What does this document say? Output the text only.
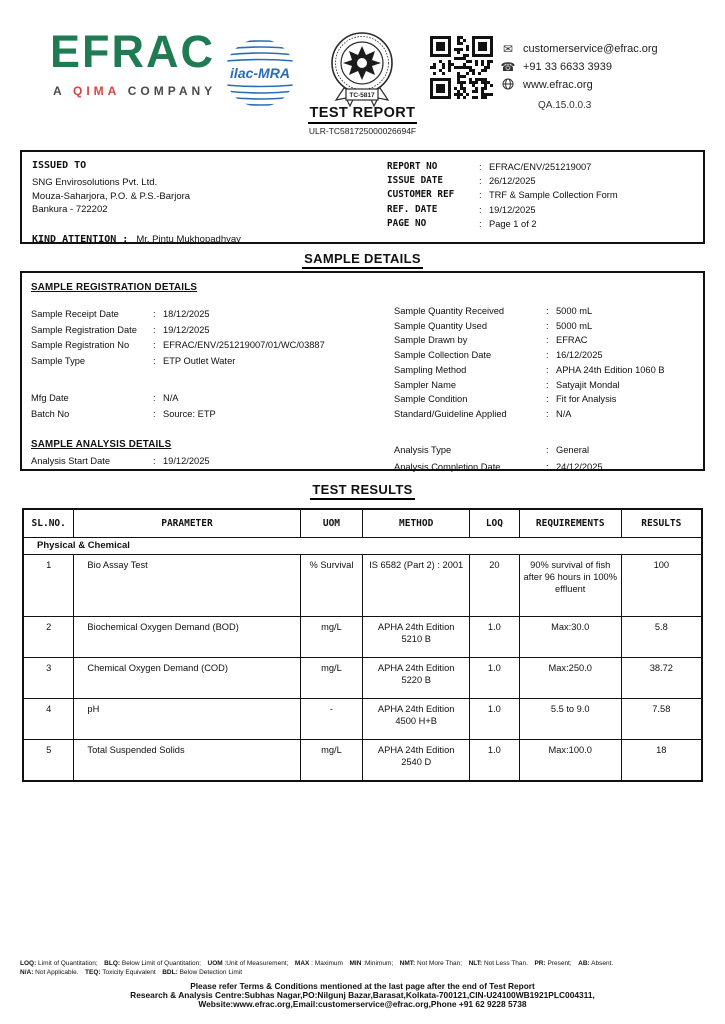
EFRAC
A QIMA COMPANY
ilac-MRA
TC-5817
✉ customerservice@efrac.org
☎ +91 33 6633 3939
www.efrac.org
QA.15.0.0.3
TEST REPORT
ULR-TC581725000026694F
ISSUED TO
SNG Envirosolutions Pvt. Ltd.
Mouza-Saharjora, P.O. & P.S.-Barjora
Bankura - 722202
KIND ATTENTION : Mr. Pintu Mukhopadhyay
REPORT NO	: EFRAC/ENV/251219007
ISSUE DATE	: 26/12/2025
CUSTOMER REF	: TRF & Sample Collection Form
REF. DATE	: 19/12/2025
PAGE NO	: Page 1 of 2
SAMPLE DETAILS
SAMPLE REGISTRATION DETAILS
Sample Receipt Date	: 18/12/2025
Sample Registration Date	: 19/12/2025
Sample Registration No	: EFRAC/ENV/251219007/01/WC/03887
Sample Type	: ETP Outlet Water
Mfg Date	: N/A
Batch No	: Source: ETP
Sample Quantity Received	: 5000 mL
Sample Quantity Used	: 5000 mL
Sample Drawn by	: EFRAC
Sample Collection Date	: 16/12/2025
Sampling Method	: APHA 24th Edition 1060 B
Sampler Name	: Satyajit Mondal
Sample Condition	: Fit for Analysis
Standard/Guideline Applied	: N/A
SAMPLE ANALYSIS DETAILS
Analysis Start Date	: 19/12/2025
Analysis Type	: General
Analysis Completion Date	: 24/12/2025
TEST RESULTS
SL.NO.	PARAMETER	UOM	METHOD	LOQ	REQUIREMENTS	RESULTS
Physical & Chemical						
1	Bio Assay Test	% Survival	IS 6582 (Part 2) : 2001	20	90% survival of fish after 96 hours in 100% effluent	100
2	Biochemical Oxygen Demand (BOD)	mg/L	APHA 24th Edition 5210 B	1.0	Max:30.0	5.8
3	Chemical Oxygen Demand (COD)	mg/L	APHA 24th Edition 5220 B	1.0	Max:250.0	38.72
4	pH	-	APHA 24th Edition 4500 H+B	1.0	5.5 to 9.0	7.58
5	Total Suspended Solids	mg/L	APHA 24th Edition 2540 D	1.0	Max:100.0	18
LOQ: Limit of Quantitation;  BLQ: Below Limit of Quantitation;  UOM :Unit of Measurement;  MAX : Maximum  MIN :Minimum;  NMT: Not More Than;  NLT: Not Less Than.  PR: Present;  AB: Absent.  
N/A: Not Applicable.  TEQ: Toxicity Equivalent  BDL: Below Detection Limit  
Please refer Terms & Conditions mentioned at the last page after the end of Test Report
Research & Analysis Centre:Subhas Nagar,PO:Nilgunj Bazar,Barasat,Kolkata-700121,CIN-U24100WB1921PLC004311,
Website:www.efrac.org,Email:customerservice@efrac.org,Phone +91 62 9228 5738
